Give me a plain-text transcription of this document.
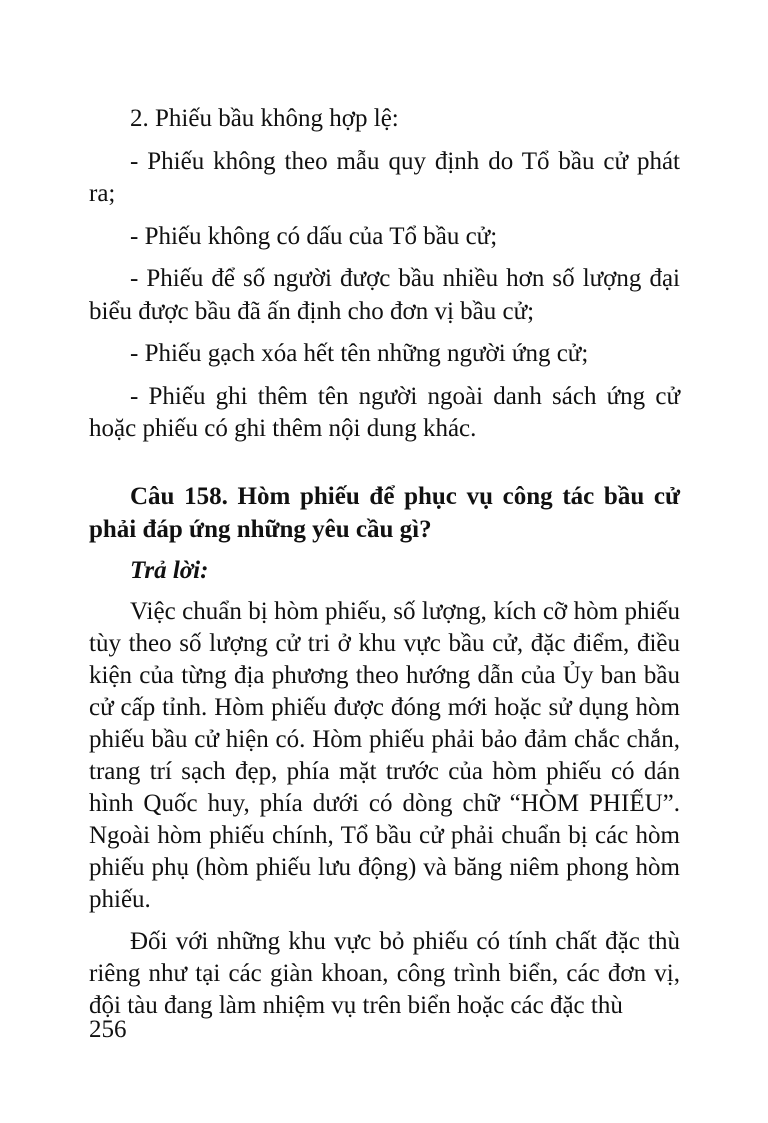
2. Phiếu bầu không hợp lệ:

- Phiếu không theo mẫu quy định do Tổ bầu cử phát ra;

- Phiếu không có dấu của Tổ bầu cử;

- Phiếu để số người được bầu nhiều hơn số lượng đại biểu được bầu đã ấn định cho đơn vị bầu cử;

- Phiếu gạch xóa hết tên những người ứng cử;

- Phiếu ghi thêm tên người ngoài danh sách ứng cử hoặc phiếu có ghi thêm nội dung khác.

Câu 158. Hòm phiếu để phục vụ công tác bầu cử phải đáp ứng những yêu cầu gì?

Trả lời:

Việc chuẩn bị hòm phiếu, số lượng, kích cỡ hòm phiếu tùy theo số lượng cử tri ở khu vực bầu cử, đặc điểm, điều kiện của từng địa phương theo hướng dẫn của Ủy ban bầu cử cấp tỉnh. Hòm phiếu được đóng mới hoặc sử dụng hòm phiếu bầu cử hiện có. Hòm phiếu phải bảo đảm chắc chắn, trang trí sạch đẹp, phía mặt trước của hòm phiếu có dán hình Quốc huy, phía dưới có dòng chữ “HÒM PHIẾU”. Ngoài hòm phiếu chính, Tổ bầu cử phải chuẩn bị các hòm phiếu phụ (hòm phiếu lưu động) và băng niêm phong hòm phiếu.

Đối với những khu vực bỏ phiếu có tính chất đặc thù riêng như tại các giàn khoan, công trình biển, các đơn vị, đội tàu đang làm nhiệm vụ trên biển hoặc các đặc thù

256
